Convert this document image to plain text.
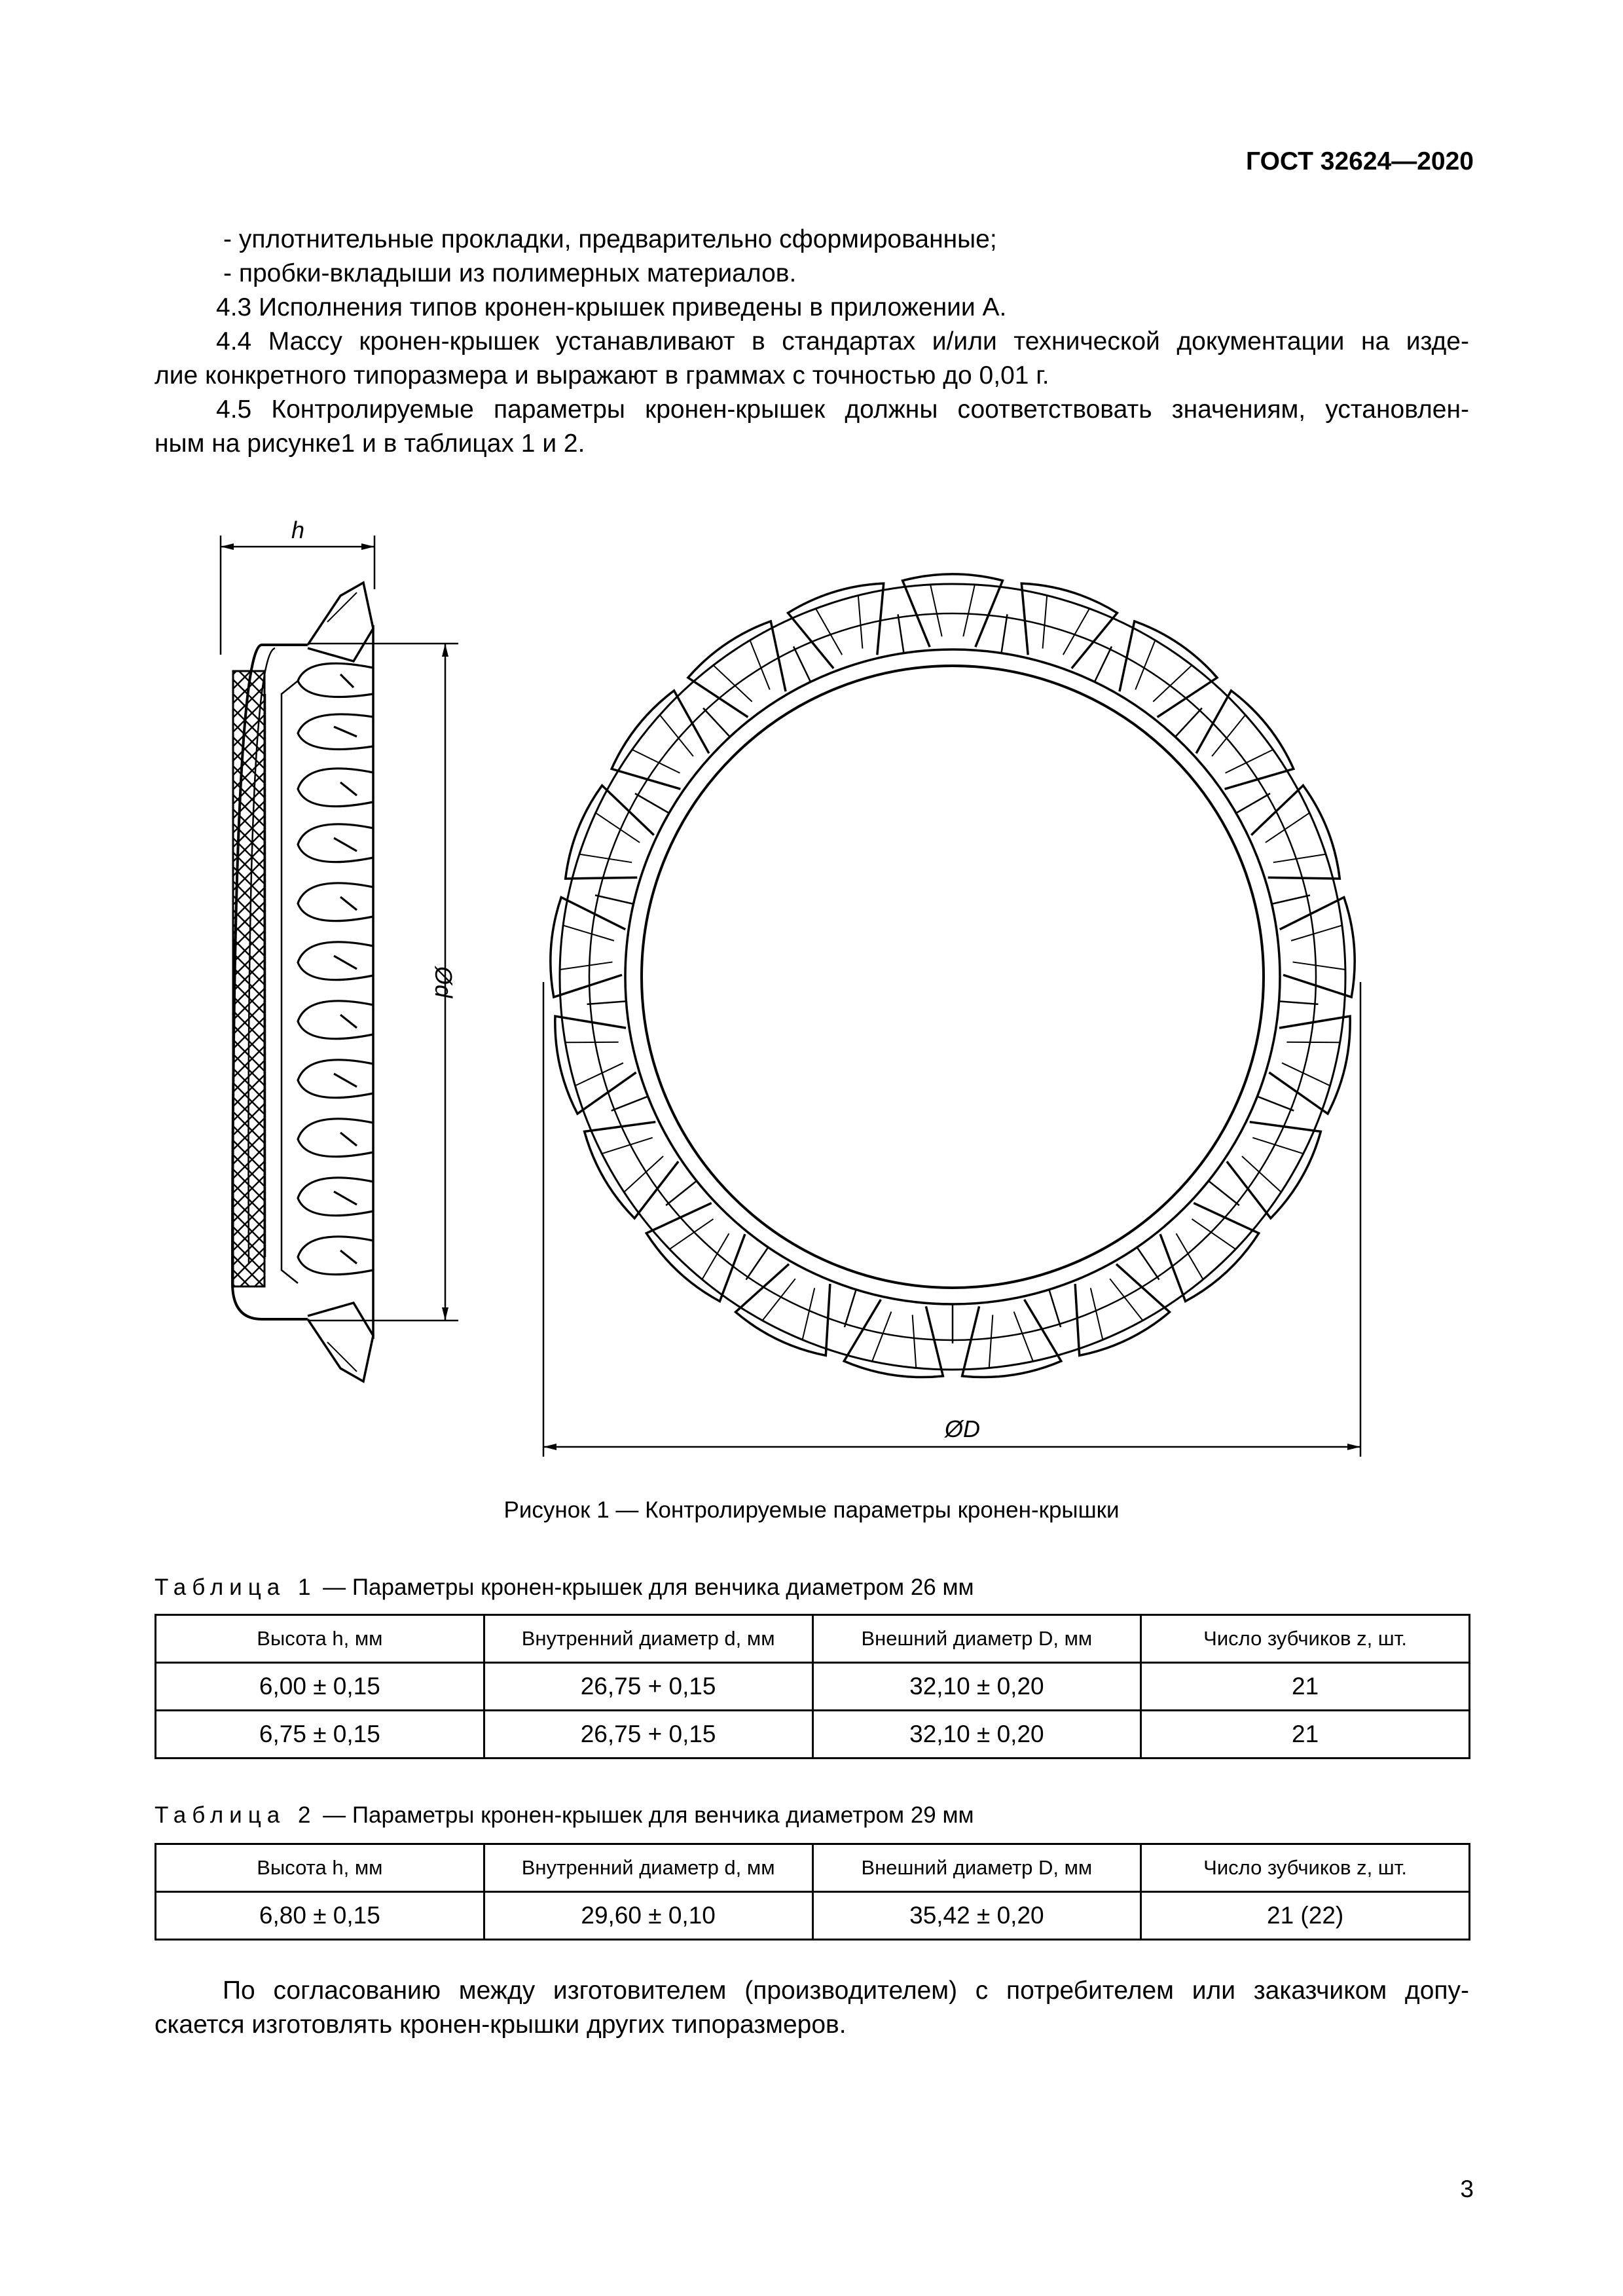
ГОСТ 32624—2020

- уплотнительные прокладки, предварительно сформированные;

- пробки-вкладыши из полимерных материалов.

4.3 Исполнения типов кронен-крышек приведены в приложении А.

4.4 Массу кронен-крышек устанавливают в стандартах и/или технической документации на изде-

лие конкретного типоразмера и выражают в граммах с точностью до 0,01 г.

4.5 Контролируемые параметры кронен-крышек должны соответствовать значениям, установлен-

ным на рисунке1 и в таблицах 1 и 2.

h
Ød
ØD
Рисунок 1 — Контролируемые параметры кронен-крышки
Таблица 1 — Параметры кронен-крышек для венчика диаметром 26 мм
Высота h, мм	Внутренний диаметр d, мм	Внешний диаметр D, мм	Число зубчиков z, шт.
6,00 ± 0,15	26,75 + 0,15	32,10 ± 0,20	21
6,75 ± 0,15	26,75 + 0,15	32,10 ± 0,20	21
Таблица 2 — Параметры кронен-крышек для венчика диаметром 29 мм
Высота h, мм	Внутренний диаметр d, мм	Внешний диаметр D, мм	Число зубчиков z, шт.
6,80 ± 0,15	29,60 ± 0,10	35,42 ± 0,20	21 (22)

По согласованию между изготовителем (производителем) с потребителем или заказчиком допу-

скается изготовлять кронен-крышки других типоразмеров.

3
